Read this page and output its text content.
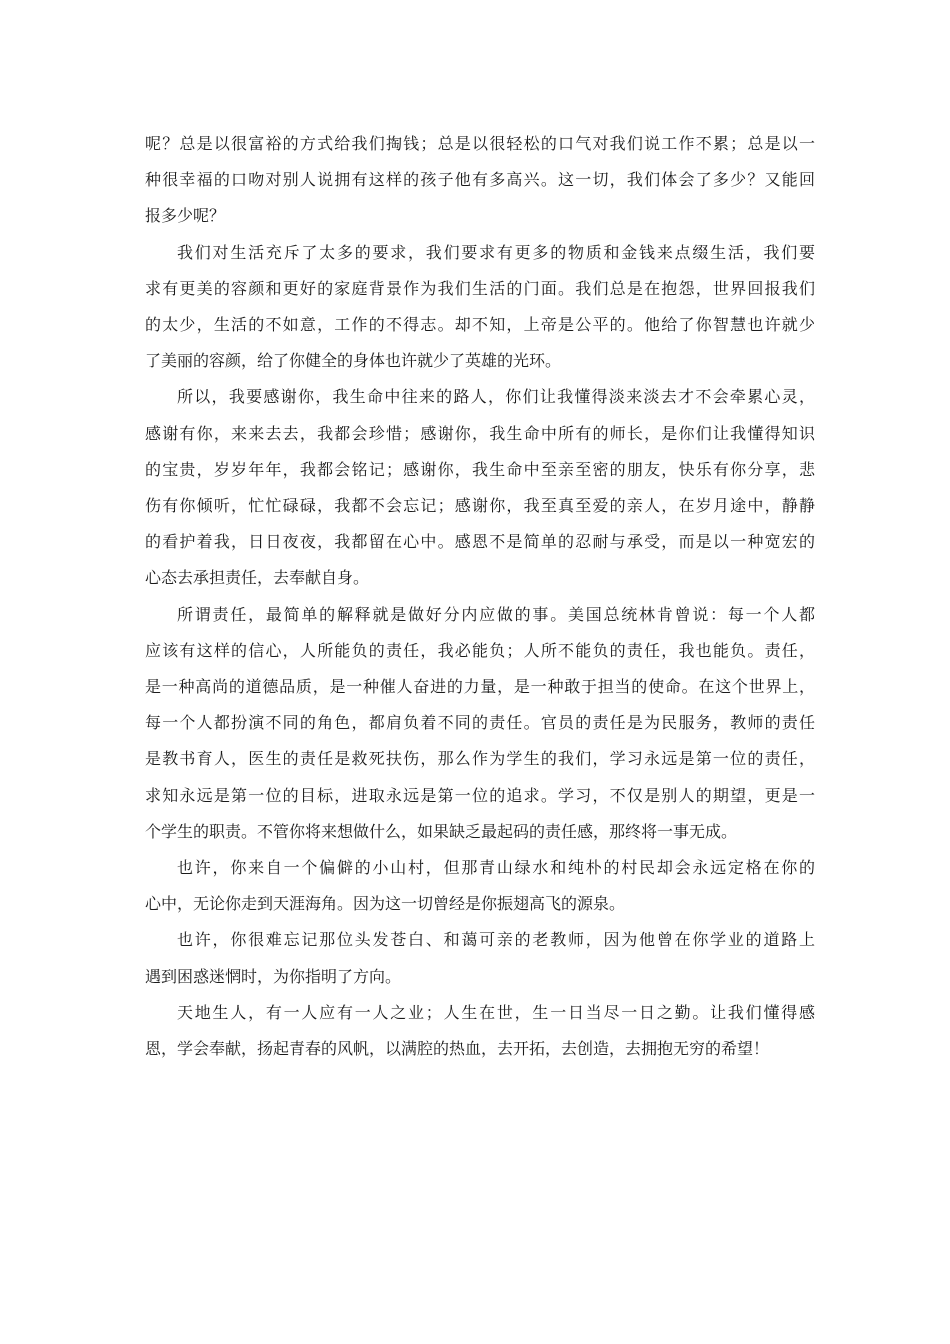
呢？总是以很富裕的方式给我们掏钱；总是以很轻松的口气对我们说工作不累；总是以一
种很幸福的口吻对别人说拥有这样的孩子他有多高兴。这一切，我们体会了多少？又能回
报多少呢？
我们对生活充斥了太多的要求，我们要求有更多的物质和金钱来点缀生活，我们要
求有更美的容颜和更好的家庭背景作为我们生活的门面。我们总是在抱怨，世界回报我们
的太少，生活的不如意，工作的不得志。却不知，上帝是公平的。他给了你智慧也许就少
了美丽的容颜，给了你健全的身体也许就少了英雄的光环。
所以，我要感谢你，我生命中往来的路人，你们让我懂得淡来淡去才不会牵累心灵，
感谢有你，来来去去，我都会珍惜；感谢你，我生命中所有的师长，是你们让我懂得知识
的宝贵，岁岁年年，我都会铭记；感谢你，我生命中至亲至密的朋友，快乐有你分享，悲
伤有你倾听，忙忙碌碌，我都不会忘记；感谢你，我至真至爱的亲人，在岁月途中，静静
的看护着我，日日夜夜，我都留在心中。感恩不是简单的忍耐与承受，而是以一种宽宏的
心态去承担责任，去奉献自身。
所谓责任，最简单的解释就是做好分内应做的事。美国总统林肯曾说：每一个人都
应该有这样的信心，人所能负的责任，我必能负；人所不能负的责任，我也能负。责任，
是一种高尚的道德品质，是一种催人奋进的力量，是一种敢于担当的使命。在这个世界上，
每一个人都扮演不同的角色，都肩负着不同的责任。官员的责任是为民服务，教师的责任
是教书育人，医生的责任是救死扶伤，那么作为学生的我们，学习永远是第一位的责任，
求知永远是第一位的目标，进取永远是第一位的追求。学习，不仅是别人的期望，更是一
个学生的职责。不管你将来想做什么，如果缺乏最起码的责任感，那终将一事无成。
也许，你来自一个偏僻的小山村，但那青山绿水和纯朴的村民却会永远定格在你的
心中，无论你走到天涯海角。因为这一切曾经是你振翅高飞的源泉。
也许，你很难忘记那位头发苍白、和蔼可亲的老教师，因为他曾在你学业的道路上
遇到困惑迷惘时，为你指明了方向。
天地生人，有一人应有一人之业；人生在世，生一日当尽一日之勤。让我们懂得感
恩，学会奉献，扬起青春的风帆，以满腔的热血，去开拓，去创造，去拥抱无穷的希望！
